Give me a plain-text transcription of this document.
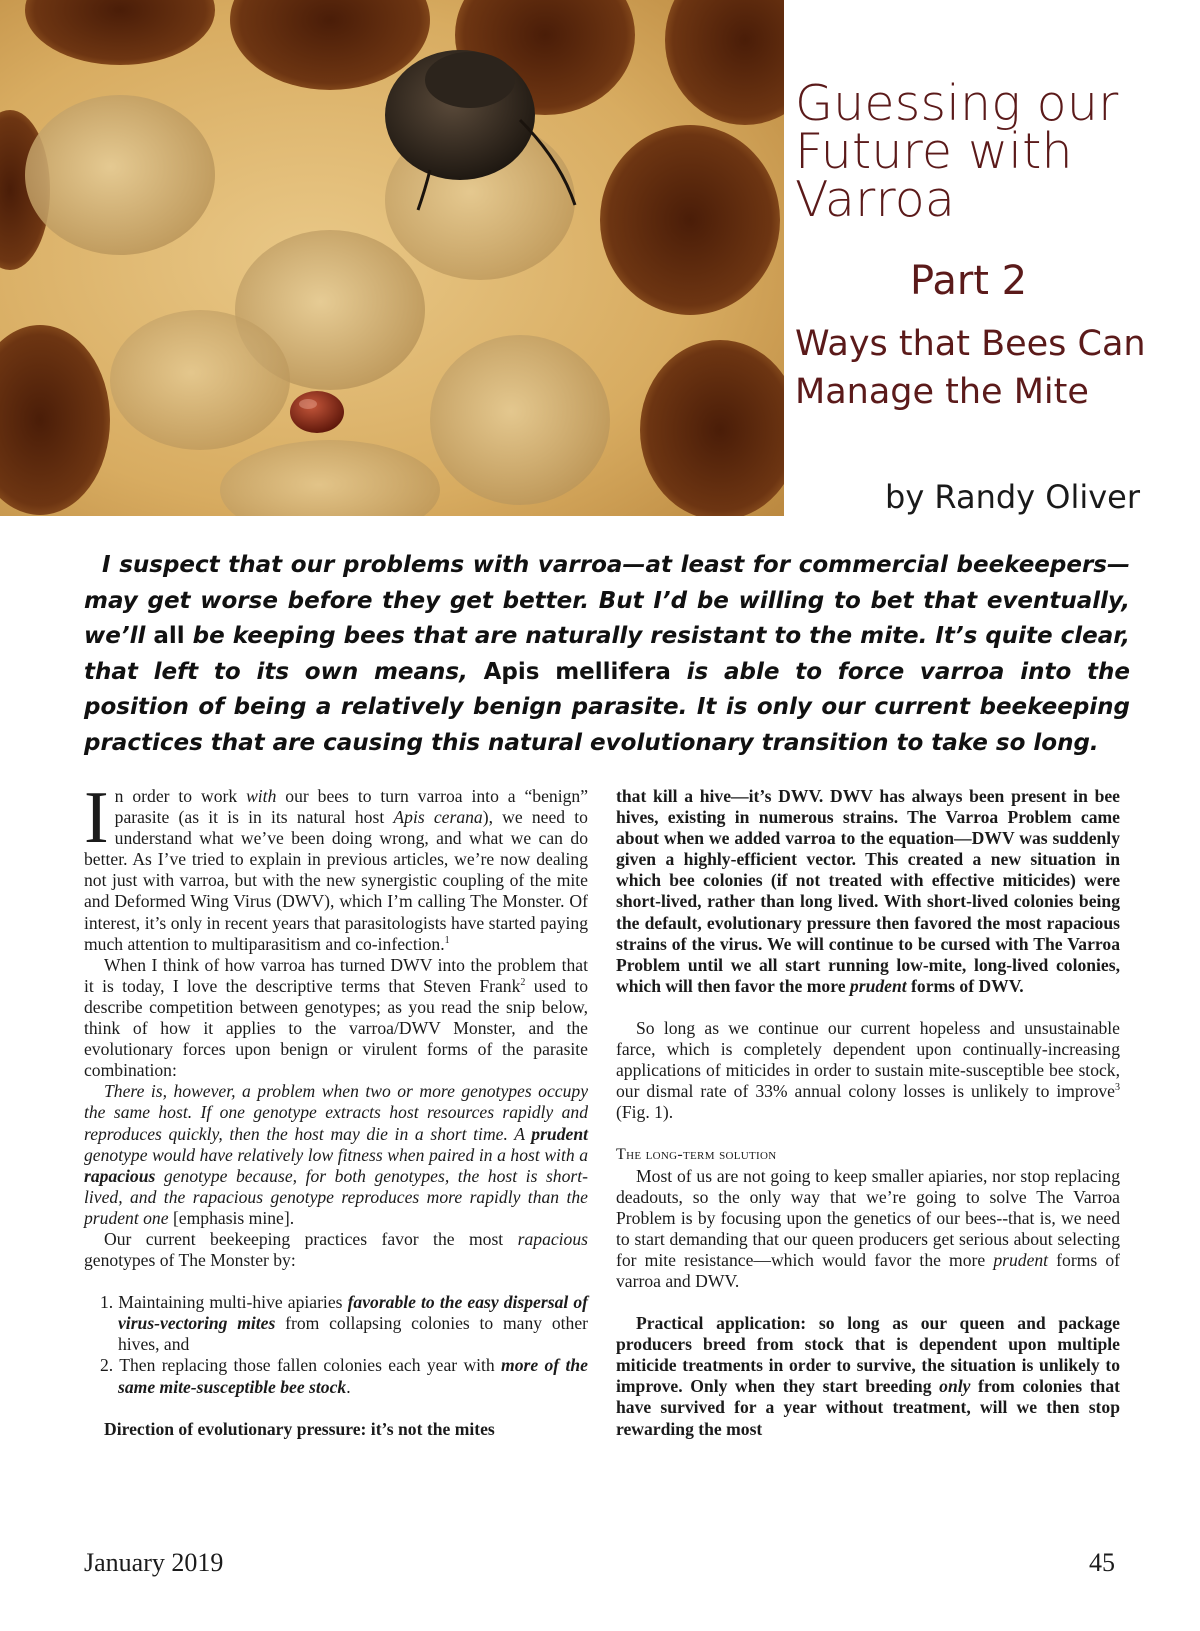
Guessing our Future with Varroa
Part 2
Ways that Bees Can Manage the Mite
by Randy Oliver

I suspect that our problems with varroa—at least for commercial beekeepers—may get worse before they get better. But I’d be willing to bet that eventually, we’ll all be keeping bees that are naturally resistant to the mite. It’s quite clear, that left to its own means, Apis mellifera is able to force varroa into the position of being a relatively benign parasite. It is only our current beekeeping practices that are causing this natural evolutionary transition to take so long.

In order to work with our bees to turn varroa into a “benign” parasite (as it is in its natural host Apis cerana), we need to understand what we’ve been doing wrong, and what we can do better. As I’ve tried to explain in previous articles, we’re now dealing not just with varroa, but with the new synergistic coupling of the mite and Deformed Wing Virus (DWV), which I’m calling The Monster. Of interest, it’s only in recent years that parasitologists have started paying much attention to multiparasitism and co-infection.$^1$

When I think of how varroa has turned DWV into the problem that it is today, I love the descriptive terms that Steven Frank$^2$ used to describe competition between genotypes; as you read the snip below, think of how it applies to the varroa/DWV Monster, and the evolutionary forces upon benign or virulent forms of the parasite combination:

There is, however, a problem when two or more genotypes occupy the same host. If one genotype extracts host resources rapidly and reproduces quickly, then the host may die in a short time. A prudent genotype would have relatively low fitness when paired in a host with a rapacious genotype because, for both genotypes, the host is short-lived, and the rapacious genotype reproduces more rapidly than the prudent one [emphasis mine].

Our current beekeeping practices favor the most rapacious genotypes of The Monster by:

1. Maintaining multi-hive apiaries favorable to the easy dispersal of virus-vectoring mites from collapsing colonies to many other hives, and
2. Then replacing those fallen colonies each year with more of the same mite-susceptible bee stock.

Direction of evolutionary pressure: it’s not the mites

that kill a hive—it’s DWV. DWV has always been present in bee hives, existing in numerous strains. The Varroa Problem came about when we added varroa to the equation—DWV was suddenly given a highly-efficient vector. This created a new situation in which bee colonies (if not treated with effective miticides) were short-lived, rather than long lived. With short-lived colonies being the default, evolutionary pressure then favored the most rapacious strains of the virus. We will continue to be cursed with The Varroa Problem until we all start running low-mite, long-lived colonies, which will then favor the more prudent forms of DWV.

So long as we continue our current hopeless and unsustainable farce, which is completely dependent upon continually-increasing applications of miticides in order to sustain mite-susceptible bee stock, our dismal rate of 33% annual colony losses is unlikely to improve$^3$ (Fig. 1).

The long-term solution

Most of us are not going to keep smaller apiaries, nor stop replacing deadouts, so the only way that we’re going to solve The Varroa Problem is by focusing upon the genetics of our bees--that is, we need to start demanding that our queen producers get serious about selecting for mite resistance—which would favor the more prudent forms of varroa and DWV.

Practical application: so long as our queen and package producers breed from stock that is dependent upon multiple miticide treatments in order to survive, the situation is unlikely to improve. Only when they start breeding only from colonies that have survived for a year without treatment, will we then stop rewarding the most

January 2019	45
